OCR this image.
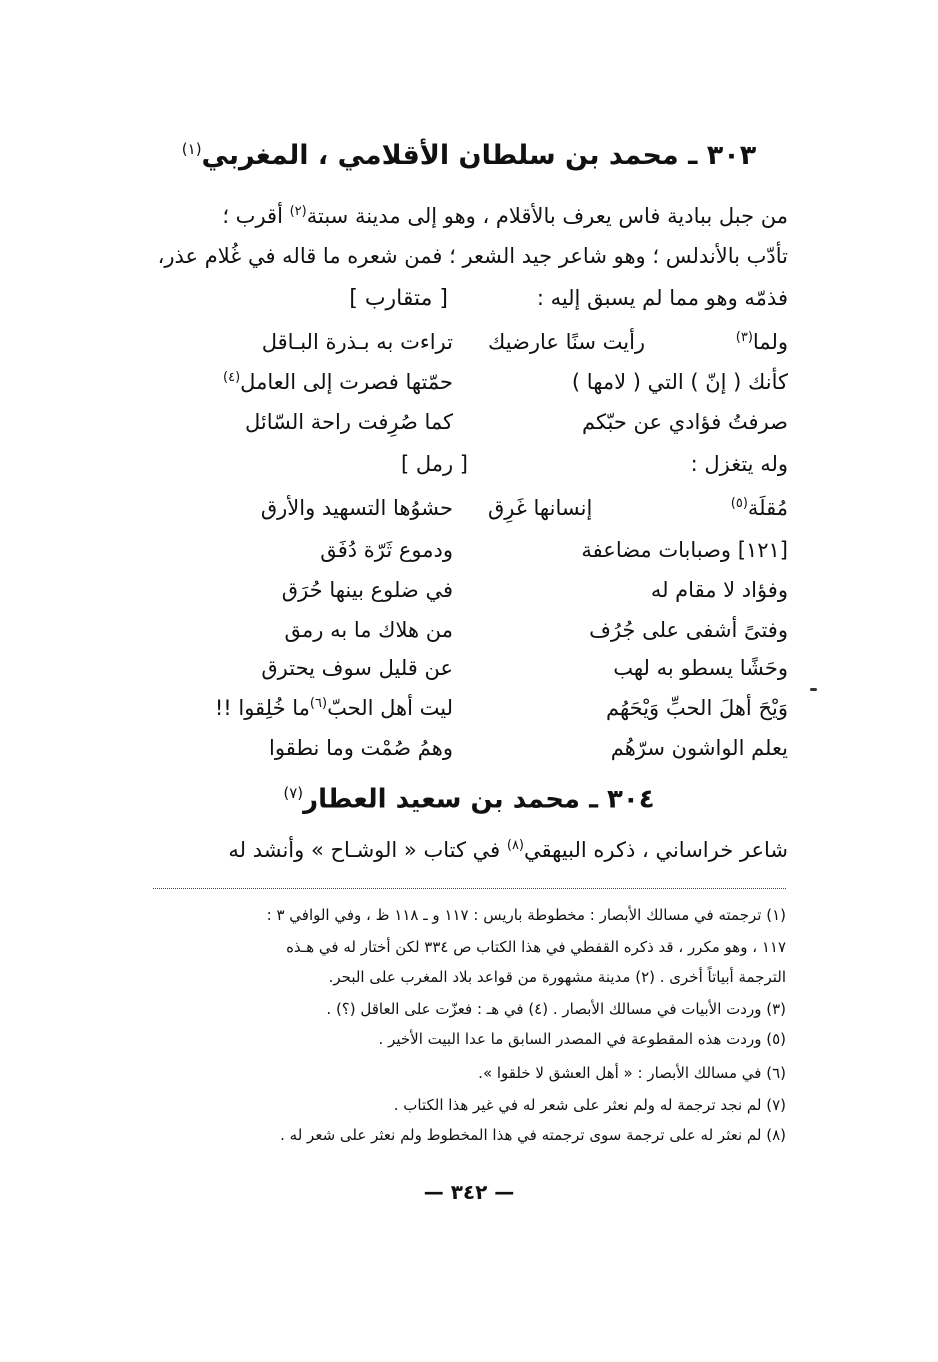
٣٠٣ ـ محمد بن سلطان الأقلامي ، المغربي$^{(١)}$
من جبل ببادية فاس يعرف بالأقلام ، وهو إلى مدينة سبتة$^{(٢)}$ أقرب ؛
تأدّب بالأندلس ؛ وهو شاعر جيد الشعر ؛ فمن شعره ما قاله في غُلام عذر،
فذمّه وهو مما لم يسبق إليه :
[ متقارب ]
ولما$^{(٣)}$
رأيت سنًا عارضيك
تراءت به بـذرة البـاقل
كأنك ( إنّ ) التي ( لامها )
حمّتها فصرت إلى العامل$^{(٤)}$
صرفتُ فؤادي عن حبّكم
كما صُرِفت راحة السّائل
وله يتغزل :
[ رمل ]
مُقلَة$^{(٥)}$
إنسانها غَرِق
حشوُها التسهيد والأرق
[١٢١] وصبابات مضاعفة
ودموع ثَرّة دُفَق
وفؤاد لا مقام له
في ضلوع بينها حُرَق
وفتىً أشفى على جُرُف
من هلاك ما به رمق
وحَشًا يسطو به لهب
عن قليل سوف يحترق
وَيْحَ أهلَ الحبِّ وَيْحَهُم
ليت أهل الحبّ$^{(٦)}$ما خُلِقوا !!
يعلم الواشون سرّهُم
وهمُ صُمْت وما نطقوا
٣٠٤ ـ محمد بن سعيد العطار$^{(٧)}$
شاعر خراساني ، ذكره البيهقي$^{(٨)}$ في كتاب « الوشـاح » وأنشد له
(١) ترجمته في مسالك الأبصار : مخطوطة باريس : ١١٧ و ـ ١١٨ ظ ، وفي الوافي ٣ :
١١٧ ، وهو مكرر ، قد ذكره القفطي في هذا الكتاب ص ٣٣٤ لكن أختار له في هـذه
الترجمة أبياتاً أخرى . (٢) مدينة مشهورة من قواعد بلاد المغرب على البحر.
(٣) وردت الأبيات في مسالك الأبصار . (٤) في هـ : فعزّت على العاقل (؟) .
(٥) وردت هذه المقطوعة في المصدر السابق ما عدا البيت الأخير .
(٦) في مسالك الأبصار : « أهل العشق لا خلقوا ».
(٧) لم نجد ترجمة له ولم نعثر على شعر له في غير هذا الكتاب .
(٨) لم نعثر له على ترجمة سوى ترجمته في هذا المخطوط ولم نعثر على شعر له .
— ٣٤٢ —
